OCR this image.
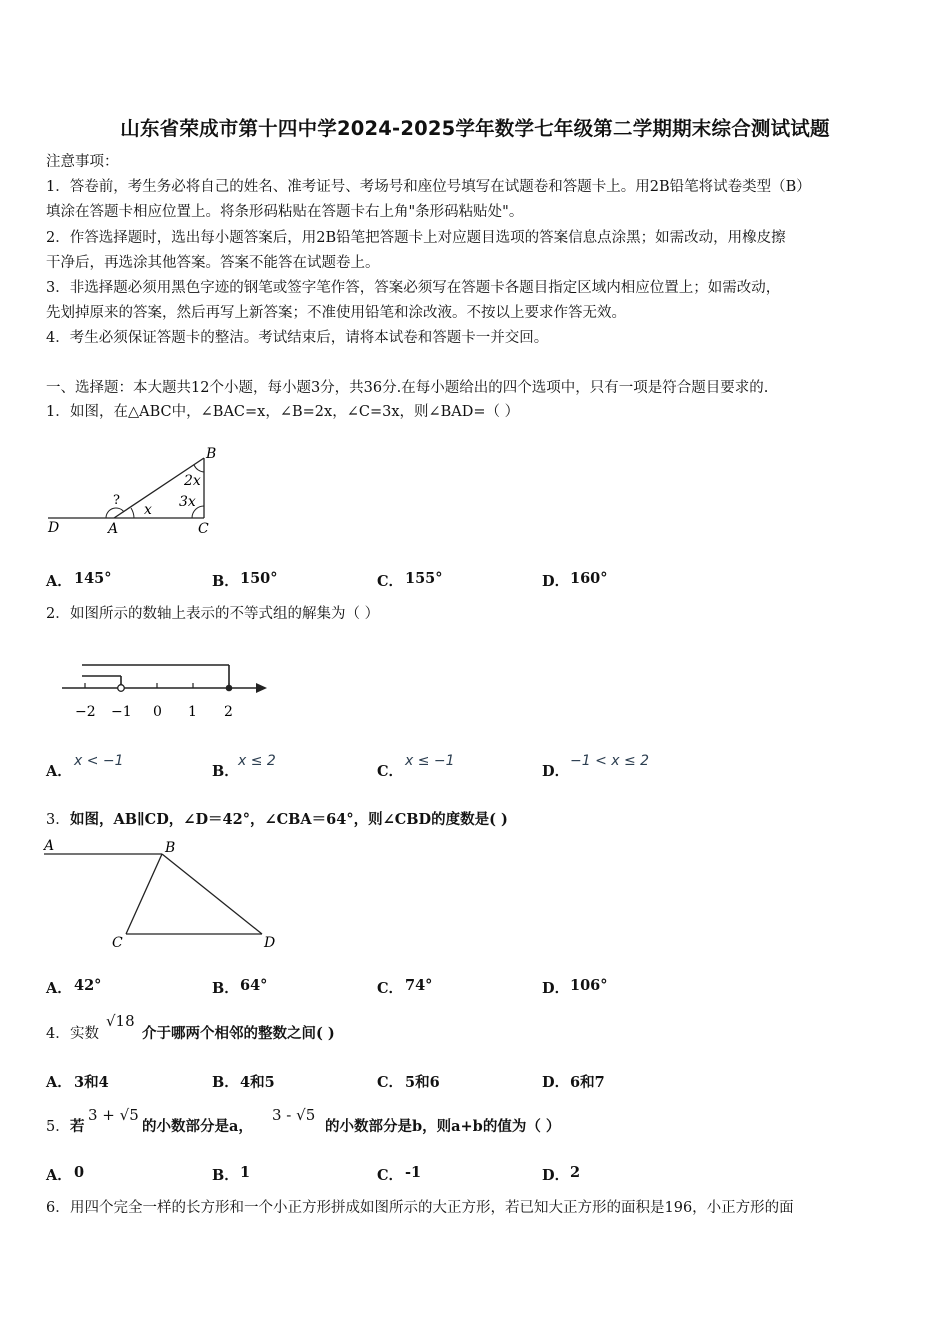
山东省荣成市第十四中学2024-2025学年数学七年级第二学期期末综合测试试题
注意事项：
1．答卷前，考生务必将自己的姓名、准考证号、考场号和座位号填写在试题卷和答题卡上。用2B铅笔将试卷类型（B）
填涂在答题卡相应位置上。将条形码粘贴在答题卡右上角"条形码粘贴处"。
2．作答选择题时，选出每小题答案后，用2B铅笔把答题卡上对应题目选项的答案信息点涂黑；如需改动，用橡皮擦
干净后，再选涂其他答案。答案不能答在试题卷上。
3．非选择题必须用黑色字迹的钢笔或签字笔作答，答案必须写在答题卡各题目指定区域内相应位置上；如需改动，
先划掉原来的答案，然后再写上新答案；不准使用铅笔和涂改液。不按以上要求作答无效。
4．考生必须保证答题卡的整洁。考试结束后，请将本试卷和答题卡一并交回。
一、选择题：本大题共12个小题，每小题3分，共36分.在每小题给出的四个选项中，只有一项是符合题目要求的.
1． 如图，在△ABC中，∠BAC=x，∠B=2x，∠C=3x，则∠BAD=（ ）
D	A	C
B
?
x
2x
3x
A． 145°	B． 150°	C． 155°	D． 160°
2． 如图所示的数轴上表示的不等式组的解集为（ ）
−2 −1 0 1 2
A．
x < −1
B．
x ≤ 2
C．
x ≤ −1
D．
−1 < x ≤ 2
3． 如图，AB∥CD，∠D＝42°，∠CBA＝64°，则∠CBD的度数是( )
A	B
C	D
A． 42°	B． 64°	C． 74°	D． 106°
4． 实数
√18
介于哪两个相邻的整数之间( )
A． 3和4	B． 4和5	C． 5和6	D． 6和7
5． 若
3 + √5
的小数部分是a，
3 - √5
的小数部分是b，则a+b的值为（ ）
A． 0	B． 1	C． -1	D． 2
6． 用四个完全一样的长方形和一个小正方形拼成如图所示的大正方形，若已知大正方形的面积是196，小正方形的面
